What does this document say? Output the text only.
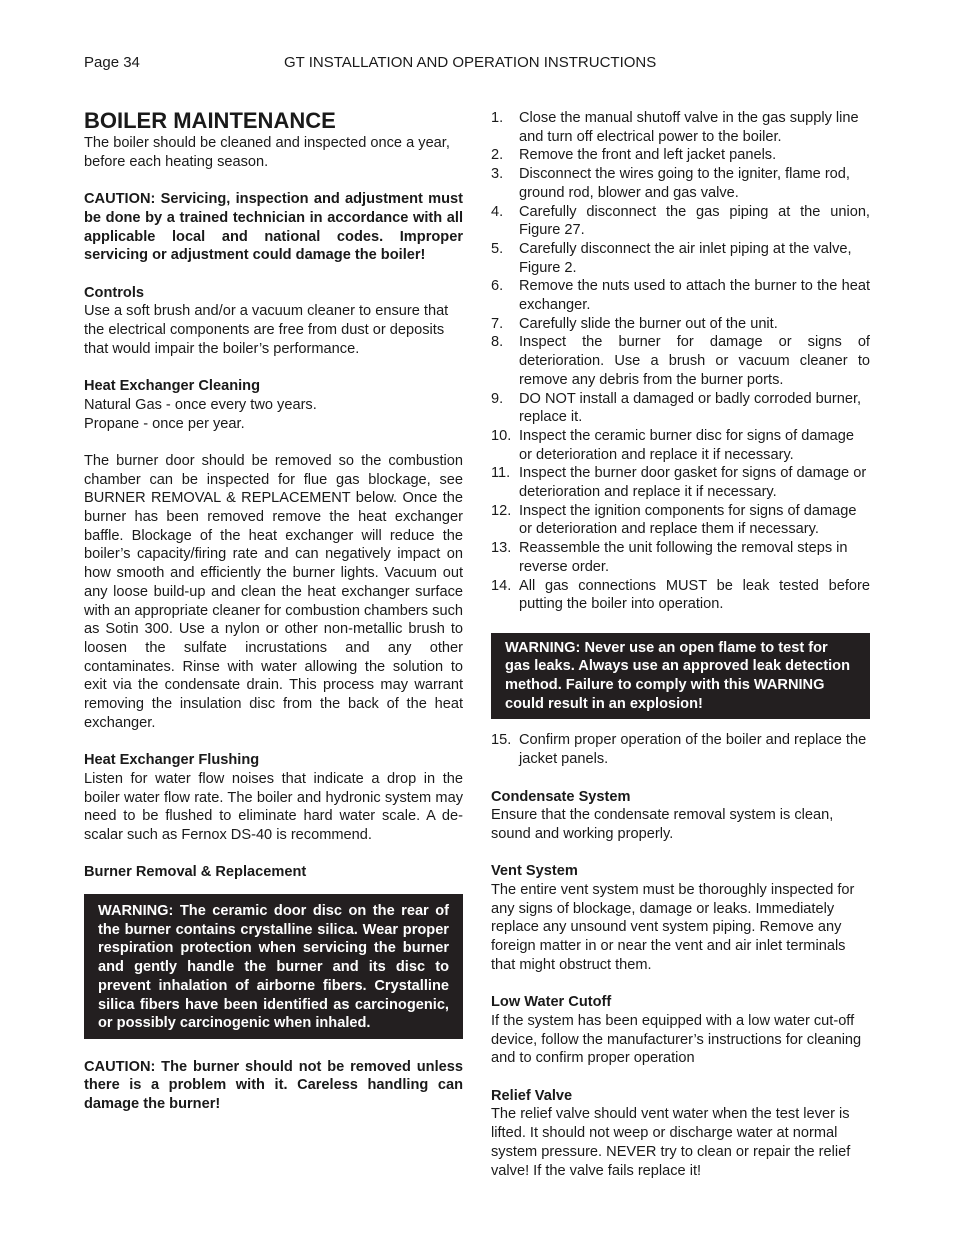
Page 34	GT INSTALLATION AND OPERATION INSTRUCTIONS

BOILER MAINTENANCE

The boiler should be cleaned and inspected once a year, before each heating season.

CAUTION: Servicing, inspection and adjustment must be done by a trained technician in accordance with all applicable local and national codes. Improper servicing or adjustment could damage the boiler!

Controls

Use a soft brush and/or a vacuum cleaner to ensure that the electrical components are free from dust or deposits that would impair the boiler’s performance.

Heat Exchanger Cleaning

Natural Gas - once every two years.

Propane - once per year.

The burner door should be removed so the combustion chamber can be inspected for flue gas blockage, see BURNER REMOVAL & REPLACEMENT below. Once the burner has been removed remove the heat exchanger baffle. Blockage of the heat exchanger will reduce the boiler’s capacity/firing rate and can negatively impact on how smooth and efficiently the burner lights. Vacuum out any loose build-up and clean the heat exchanger surface with an appropriate cleaner for combustion chambers such as Sotin 300. Use a nylon or other non-metallic brush to loosen the sulfate incrustations and any other contaminates. Rinse with water allowing the solution to exit via the condensate drain. This process may warrant removing the insulation disc from the back of the heat exchanger.

Heat Exchanger Flushing

Listen for water flow noises that indicate a drop in the boiler water flow rate. The boiler and hydronic system may need to be flushed to eliminate hard water scale. A de-scalar such as Fernox DS-40 is recommend.

Burner Removal & Replacement

WARNING: The ceramic door disc on the rear of the burner contains crystalline silica. Wear proper respiration protection when servicing the burner and gently handle the burner and its disc to prevent inhalation of airborne fibers. Crystalline silica fibers have been identified as carcinogenic, or possibly carcinogenic when inhaled.

CAUTION: The burner should not be removed unless there is a problem with it. Careless handling can damage the burner!

1. Close the manual shutoff valve in the gas supply line and turn off electrical power to the boiler.
2. Remove the front and left jacket panels.
3. Disconnect the wires going to the igniter, flame rod, ground rod, blower and gas valve.
4. Carefully disconnect the gas piping at the union, Figure 27.
5. Carefully disconnect the air inlet piping at the valve, Figure 2.
6. Remove the nuts used to attach the burner to the heat exchanger.
7. Carefully slide the burner out of the unit.
8. Inspect the burner for damage or signs of deterioration. Use a brush or vacuum cleaner to remove any debris from the burner ports.
9. DO NOT install a damaged or badly corroded burner, replace it.
10. Inspect the ceramic burner disc for signs of damage or deterioration and replace it if necessary.
11. Inspect the burner door gasket for signs of damage or deterioration and replace it if necessary.
12. Inspect the ignition components for signs of damage or deterioration and replace them if necessary.
13. Reassemble the unit following the removal steps in reverse order.
14. All gas connections MUST be leak tested before putting the boiler into operation.

WARNING: Never use an open flame to test for gas leaks. Always use an approved leak detection method. Failure to comply with this WARNING could result in an explosion!

15. Confirm proper operation of the boiler and replace the jacket panels.

Condensate System

Ensure that the condensate removal system is clean, sound and working properly.

Vent System

The entire vent system must be thoroughly inspected for any signs of blockage, damage or leaks. Immediately replace any unsound vent system piping. Remove any foreign matter in or near the vent and air inlet terminals that might obstruct them.

Low Water Cutoff

If the system has been equipped with a low water cut-off device, follow the manufacturer’s instructions for cleaning and to confirm proper operation

Relief Valve

The relief valve should vent water when the test lever is lifted. It should not weep or discharge water at normal system pressure. NEVER try to clean or repair the relief valve! If the valve fails replace it!
